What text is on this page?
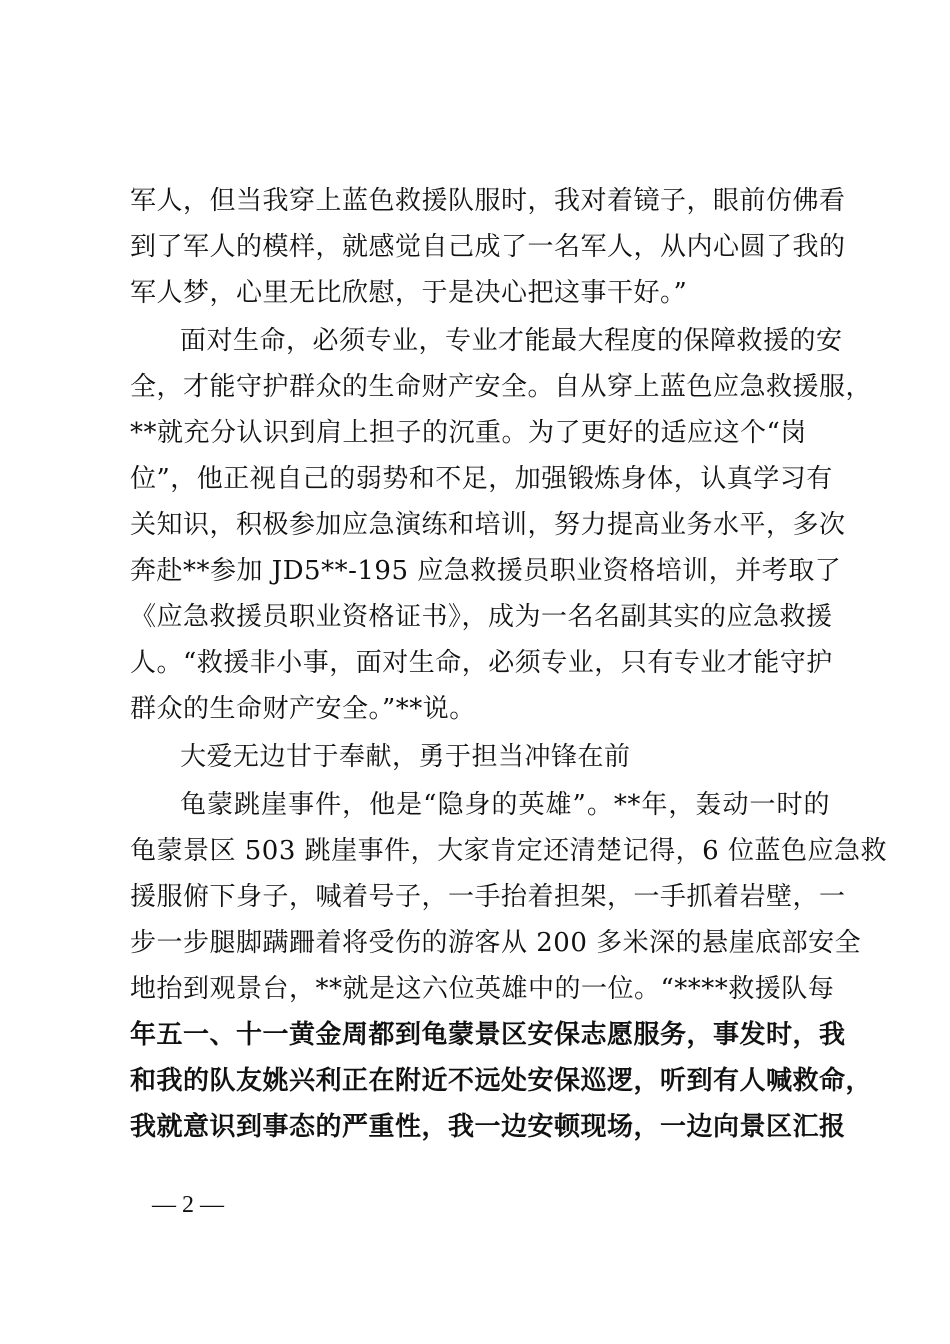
军人，但当我穿上蓝色救援队服时，我对着镜子，眼前仿佛看
到了军人的模样，就感觉自己成了一名军人，从内心圆了我的
军人梦，心里无比欣慰，于是决心把这事干好。”
面对生命，必须专业，专业才能最大程度的保障救援的安
全，才能守护群众的生命财产安全。自从穿上蓝色应急救援服，
**就充分认识到肩上担子的沉重。为了更好的适应这个“岗
位”，他正视自己的弱势和不足，加强锻炼身体，认真学习有
关知识，积极参加应急演练和培训，努力提高业务水平，多次
奔赴**参加 JD5**-195 应急救援员职业资格培训，并考取了
《应急救援员职业资格证书》，成为一名名副其实的应急救援
人。“救援非小事，面对生命，必须专业，只有专业才能守护
群众的生命财产安全。”**说。
大爱无边甘于奉献，勇于担当冲锋在前
龟蒙跳崖事件，他是“隐身的英雄”。**年，轰动一时的
龟蒙景区 503 跳崖事件，大家肯定还清楚记得，6 位蓝色应急救
援服俯下身子，喊着号子，一手抬着担架，一手抓着岩壁，一
步一步腿脚蹒跚着将受伤的游客从 200 多米深的悬崖底部安全
地抬到观景台，**就是这六位英雄中的一位。“****救援队每
年五一、十一黄金周都到龟蒙景区安保志愿服务，事发时，我
和我的队友姚兴利正在附近不远处安保巡逻，听到有人喊救命，
我就意识到事态的严重性，我一边安顿现场，一边向景区汇报
— 2 —
